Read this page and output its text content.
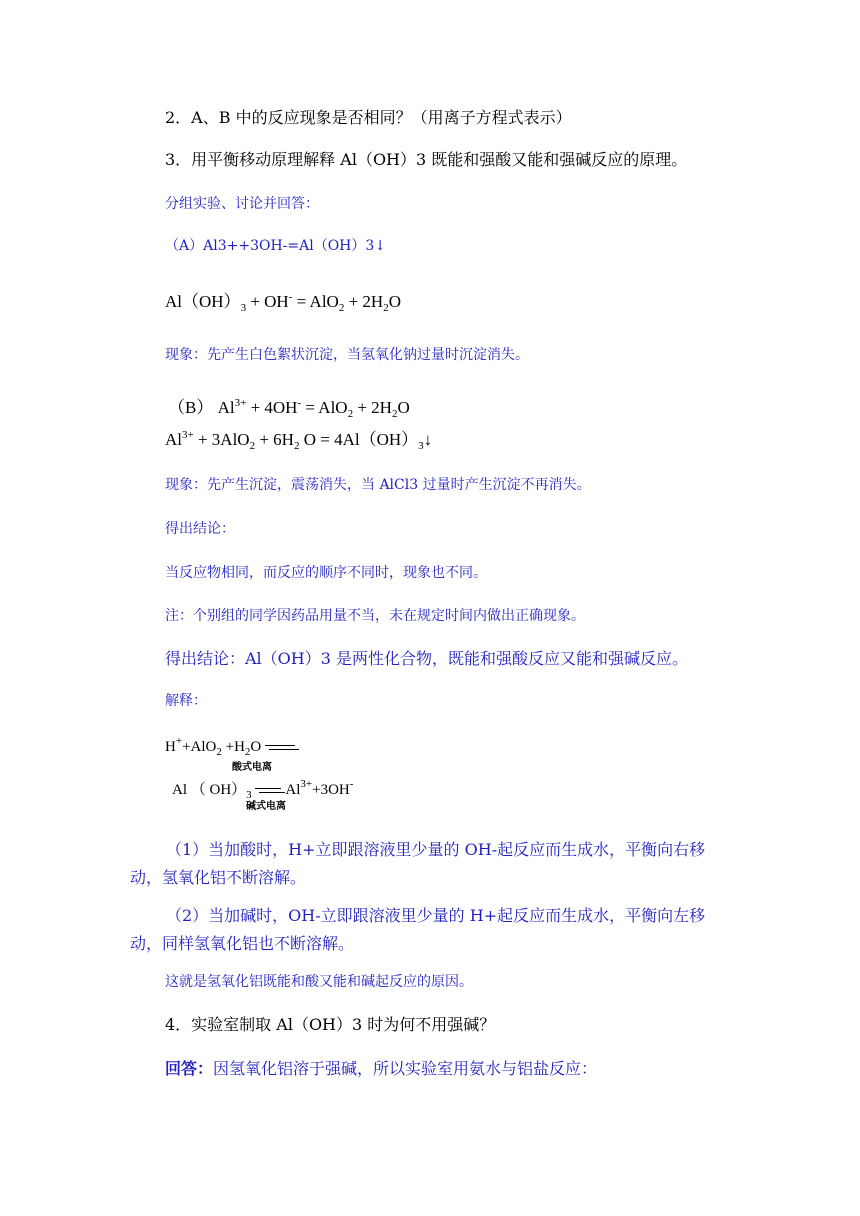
2．A、B 中的反应现象是否相同？（用离子方程式表示）
3．用平衡移动原理解释 Al（OH）3 既能和强酸又能和强碱反应的原理。
分组实验、讨论并回答：
（A）Al3++3OH-=Al（OH）3↓
$Al(OH)_3 + OH^- = AlO_2 + 2H_2O$
现象：先产生白色絮状沉淀，当氢氧化钠过量时沉淀消失。
（B） $Al^{3+} + 4OH^- = AlO_2 + 2H_2O$
$Al^{3+} + 3AlO_2 + 6H_2$ $O = 4Al(OH)_3↓$
现象：先产生沉淀，震荡消失，当 AlCl3 过量时产生沉淀不再消失。
得出结论：
当反应物相同，而反应的顺序不同时，现象也不同。
注：个别组的同学因药品用量不当，未在规定时间内做出正确现象。
得出结论：Al（OH）3 是两性化合物，既能和强酸反应又能和强碱反应。
解释：
$H^++AlO_2 +H_2O$
酸式电离
Al （ $OH)_3$ $Al^{3+}+3OH^-$
碱式电离
（1）当加酸时，H+立即跟溶液里少量的 OH-起反应而生成水，平衡向右移动，氢氧化铝不断溶解。
（2）当加碱时，OH-立即跟溶液里少量的 H+起反应而生成水，平衡向左移动，同样氢氧化铝也不断溶解。
这就是氢氧化铝既能和酸又能和碱起反应的原因。
4．实验室制取 Al（OH）3 时为何不用强碱？
回答：因氢氧化铝溶于强碱，所以实验室用氨水与铝盐反应：
